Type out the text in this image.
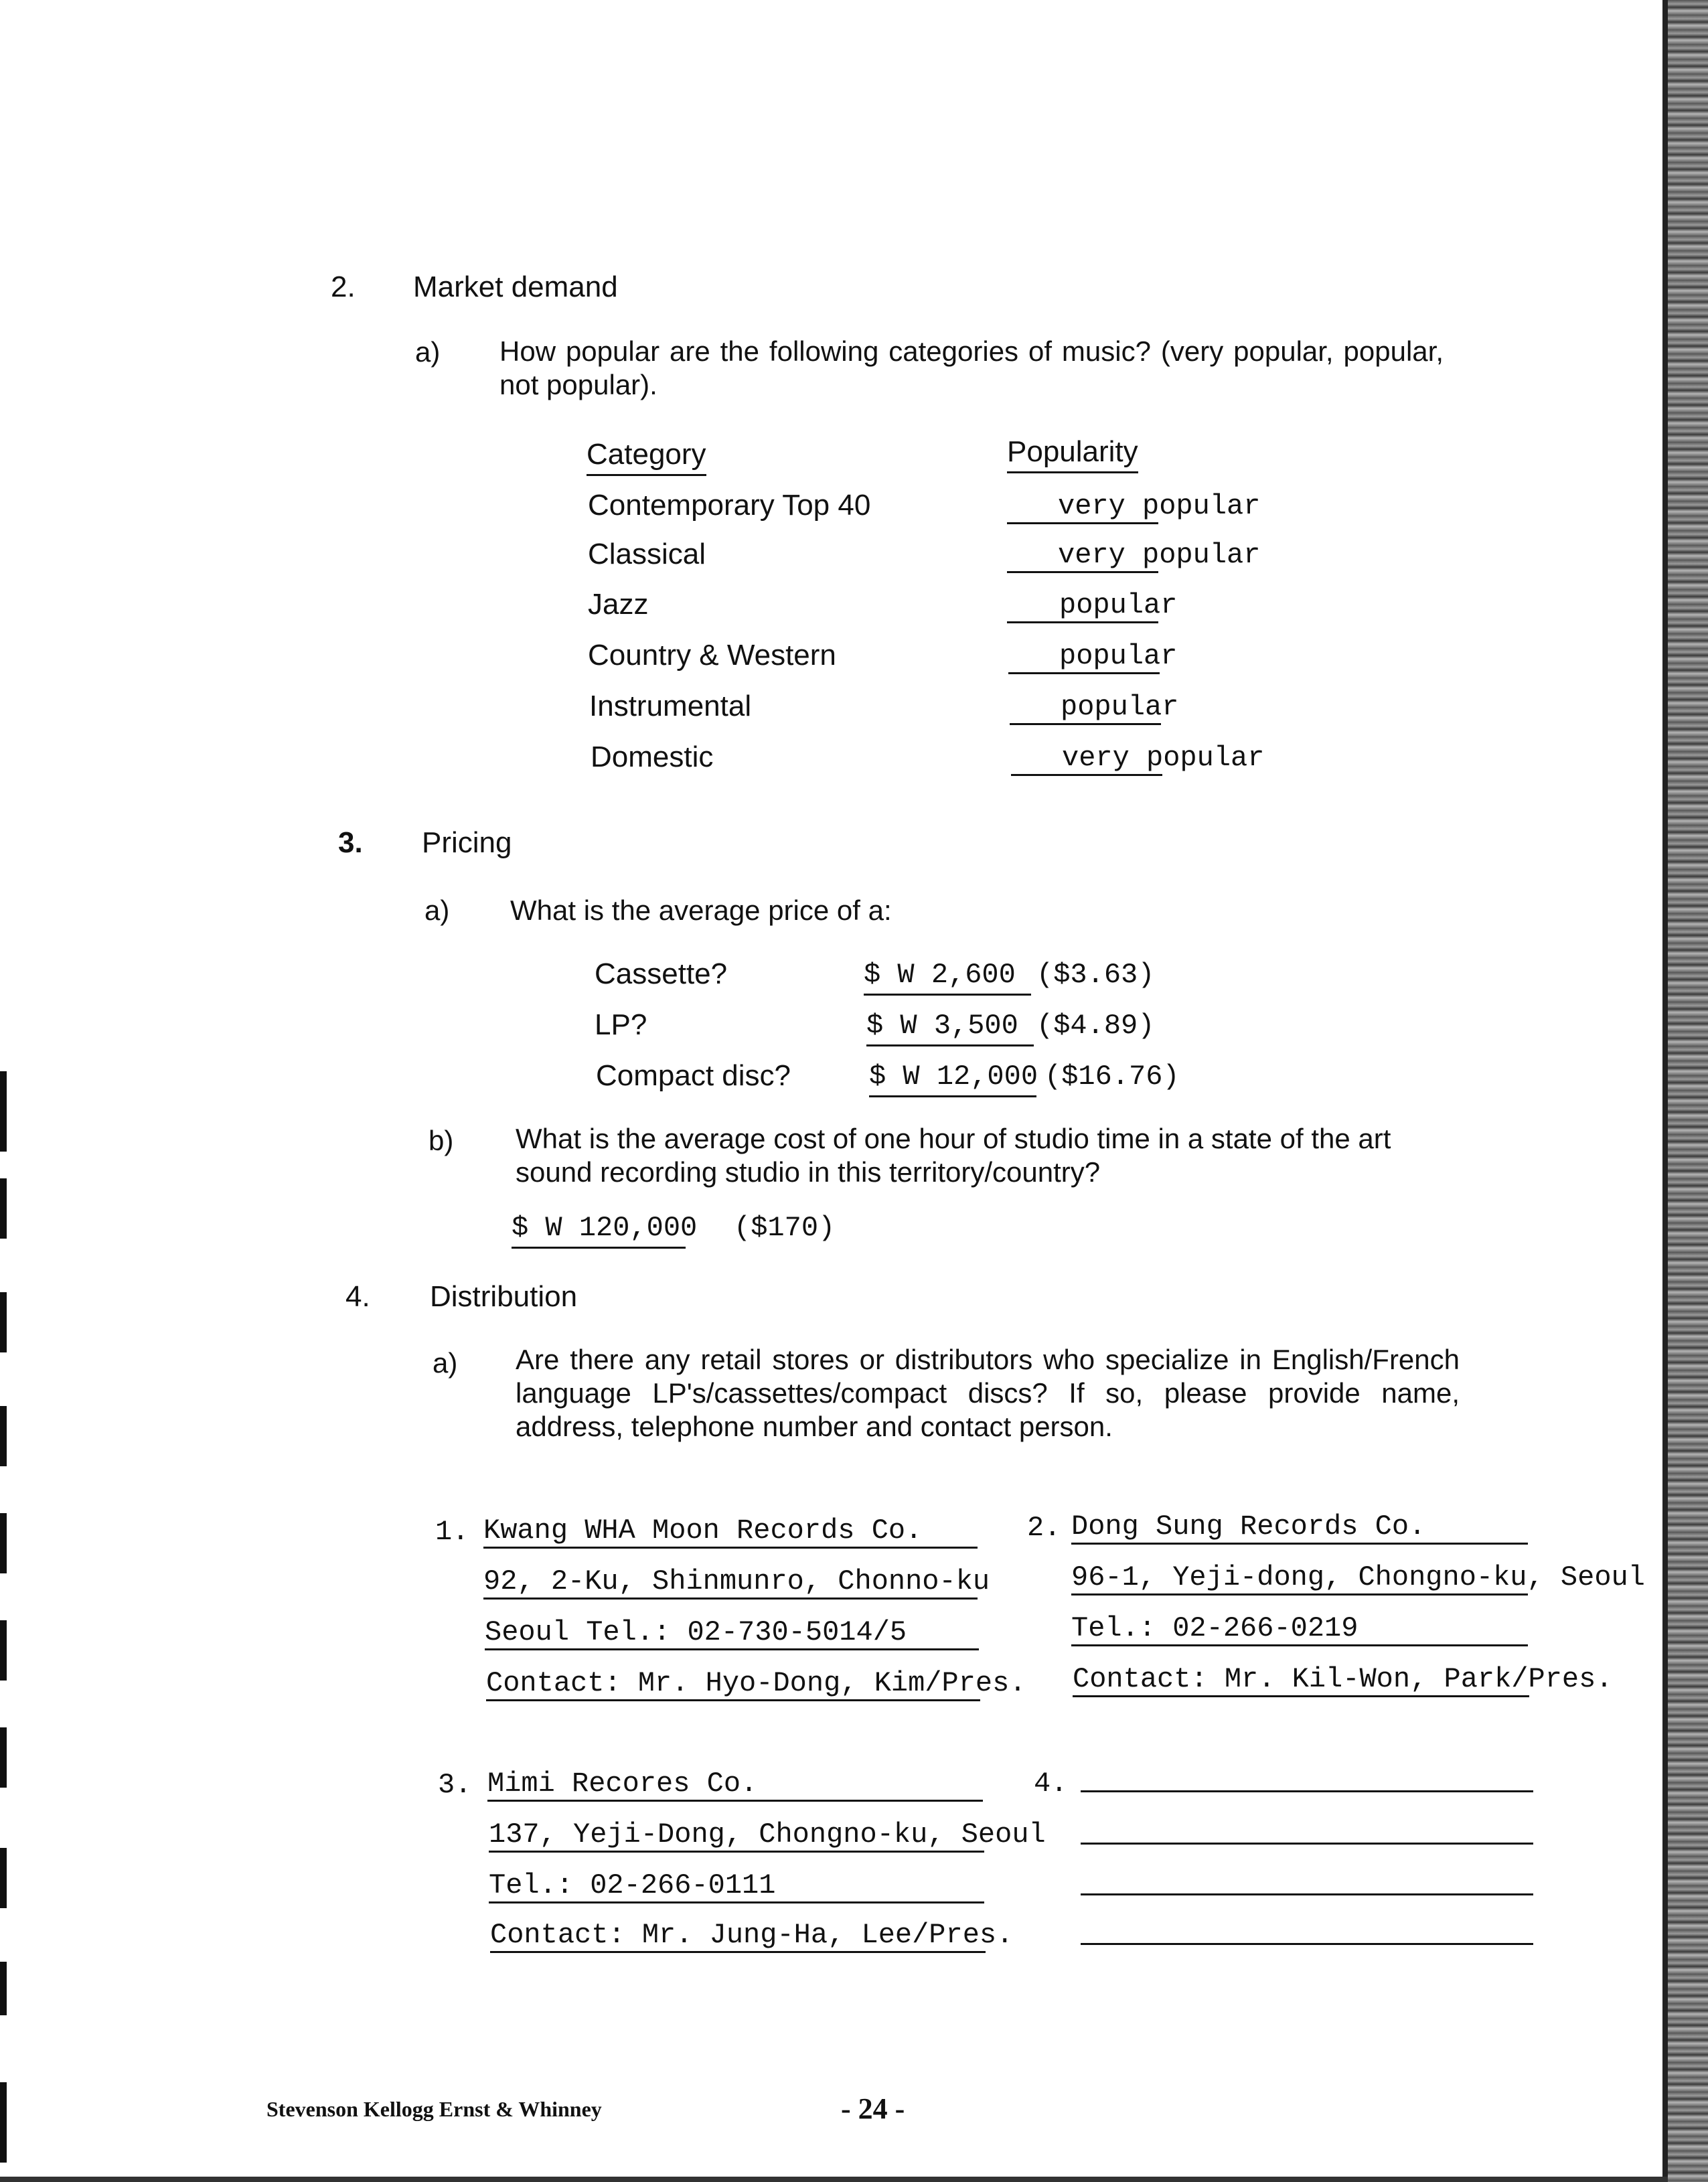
2. Market demand
a) How popular are the following categories of music? (very popular, popular, not popular).
Category	Popularity
Contemporary Top 40	very popular
Classical	very popular
Jazz	popular
Country & Western	popular
Instrumental	popular
Domestic	very popular
3. Pricing
a) What is the average price of a:
Cassette?	$ W 2,600 ($3.63)
LP?	$ W 3,500 ($4.89)
Compact disc?	$ W 12,000 ($16.76)
b) What is the average cost of one hour of studio time in a state of the art sound recording studio in this territory/country?
$ W 120,000 ($170)
4. Distribution
a) Are there any retail stores or distributors who specialize in English/French language LP's/cassettes/compact discs? If so, please provide name, address, telephone number and contact person.
1. Kwang WHA Moon Records Co.
92, 2-Ku, Shinmunro, Chonno-ku
Seoul Tel.: 02-730-5014/5
Contact: Mr. Hyo-Dong, Kim/Pres.
2. Dong Sung Records Co.
96-1, Yeji-dong, Chongno-ku, Seoul
Tel.: 02-266-0219
Contact: Mr. Kil-Won, Park/Pres.
3. Mimi Recores Co.
137, Yeji-Dong, Chongno-ku, Seoul
Tel.: 02-266-0111
Contact: Mr. Jung-Ha, Lee/Pres.
4.
Stevenson Kellogg Ernst & Whinney	- 24 -
